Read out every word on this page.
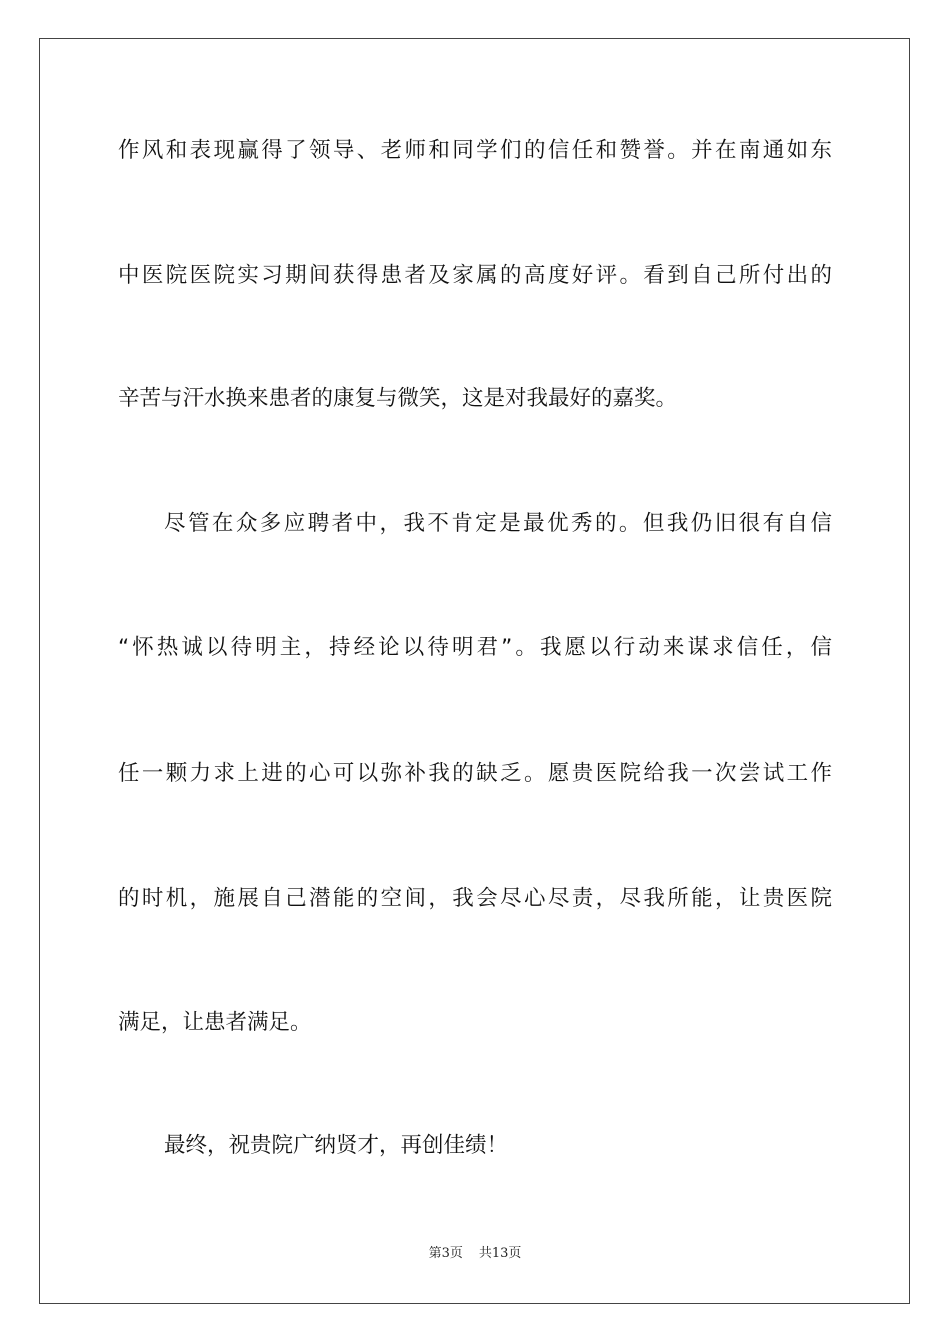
作风和表现赢得了领导、老师和同学们的信任和赞誉。并在南通如东
中医院医院实习期间获得患者及家属的高度好评。看到自己所付出的
辛苦与汗水换来患者的康复与微笑，这是对我最好的嘉奖。
尽管在众多应聘者中，我不肯定是最优秀的。但我仍旧很有自信
“怀热诚以待明主，持经论以待明君”。我愿以行动来谋求信任，信
任一颗力求上进的心可以弥补我的缺乏。愿贵医院给我一次尝试工作
的时机，施展自己潜能的空间，我会尽心尽责，尽我所能，让贵医院
满足，让患者满足。
最终，祝贵院广纳贤才，再创佳绩！
第3页 共13页
